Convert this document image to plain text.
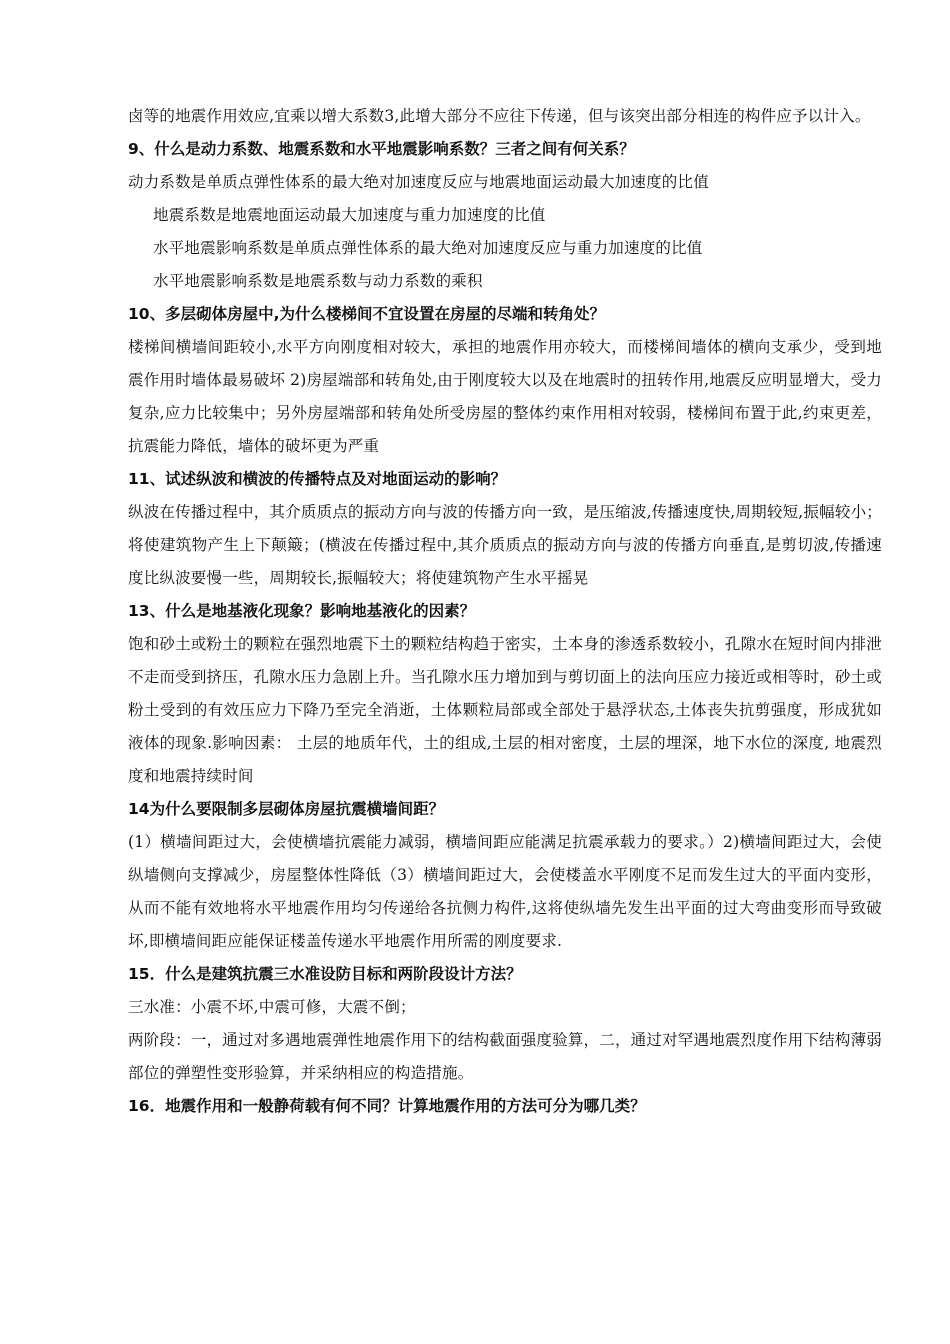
卤等的地震作用效应,宜乘以增大系数3,此增大部分不应往下传递，但与该突出部分相连的构件应予以计入。

9、什么是动力系数、地震系数和水平地震影响系数？三者之间有何关系？

动力系数是单质点弹性体系的最大绝对加速度反应与地震地面运动最大加速度的比值

地震系数是地震地面运动最大加速度与重力加速度的比值

水平地震影响系数是单质点弹性体系的最大绝对加速度反应与重力加速度的比值

水平地震影响系数是地震系数与动力系数的乘积

10、多层砌体房屋中,为什么楼梯间不宜设置在房屋的尽端和转角处？

楼梯间横墙间距较小,水平方向刚度相对较大，承担的地震作用亦较大，而楼梯间墙体的横向支承少，受到地震作用时墙体最易破坏 2)房屋端部和转角处,由于刚度较大以及在地震时的扭转作用,地震反应明显增大，受力复杂,应力比较集中；另外房屋端部和转角处所受房屋的整体约束作用相对较弱，楼梯间布置于此,约束更差，抗震能力降低，墙体的破坏更为严重

11、试述纵波和横波的传播特点及对地面运动的影响？

纵波在传播过程中，其介质质点的振动方向与波的传播方向一致，是压缩波,传播速度快,周期较短,振幅较小；将使建筑物产生上下颠簸；(横波在传播过程中,其介质质点的振动方向与波的传播方向垂直,是剪切波,传播速度比纵波要慢一些，周期较长,振幅较大；将使建筑物产生水平摇晃

13、什么是地基液化现象？影响地基液化的因素？

饱和砂土或粉土的颗粒在强烈地震下土的颗粒结构趋于密实，土本身的渗透系数较小，孔隙水在短时间内排泄不走而受到挤压，孔隙水压力急剧上升。当孔隙水压力增加到与剪切面上的法向压应力接近或相等时，砂土或粉土受到的有效压应力下降乃至完全消逝，土体颗粒局部或全部处于悬浮状态,土体丧失抗剪强度，形成犹如液体的现象.影响因素： 土层的地质年代，土的组成,土层的相对密度，土层的埋深，地下水位的深度, 地震烈度和地震持续时间

14为什么要限制多层砌体房屋抗震横墙间距？

(1）横墙间距过大，会使横墙抗震能力减弱，横墙间距应能满足抗震承载力的要求。）2)横墙间距过大，会使纵墙侧向支撑减少，房屋整体性降低（3）横墙间距过大，会使楼盖水平刚度不足而发生过大的平面内变形，从而不能有效地将水平地震作用均匀传递给各抗侧力构件,这将使纵墙先发生出平面的过大弯曲变形而导致破坏,即横墙间距应能保证楼盖传递水平地震作用所需的刚度要求.

15．什么是建筑抗震三水准设防目标和两阶段设计方法？

三水准：小震不坏,中震可修，大震不倒；

两阶段：一，通过对多遇地震弹性地震作用下的结构截面强度验算，二，通过对罕遇地震烈度作用下结构薄弱部位的弹塑性变形验算，并采纳相应的构造措施。

16．地震作用和一般静荷载有何不同？计算地震作用的方法可分为哪几类？
